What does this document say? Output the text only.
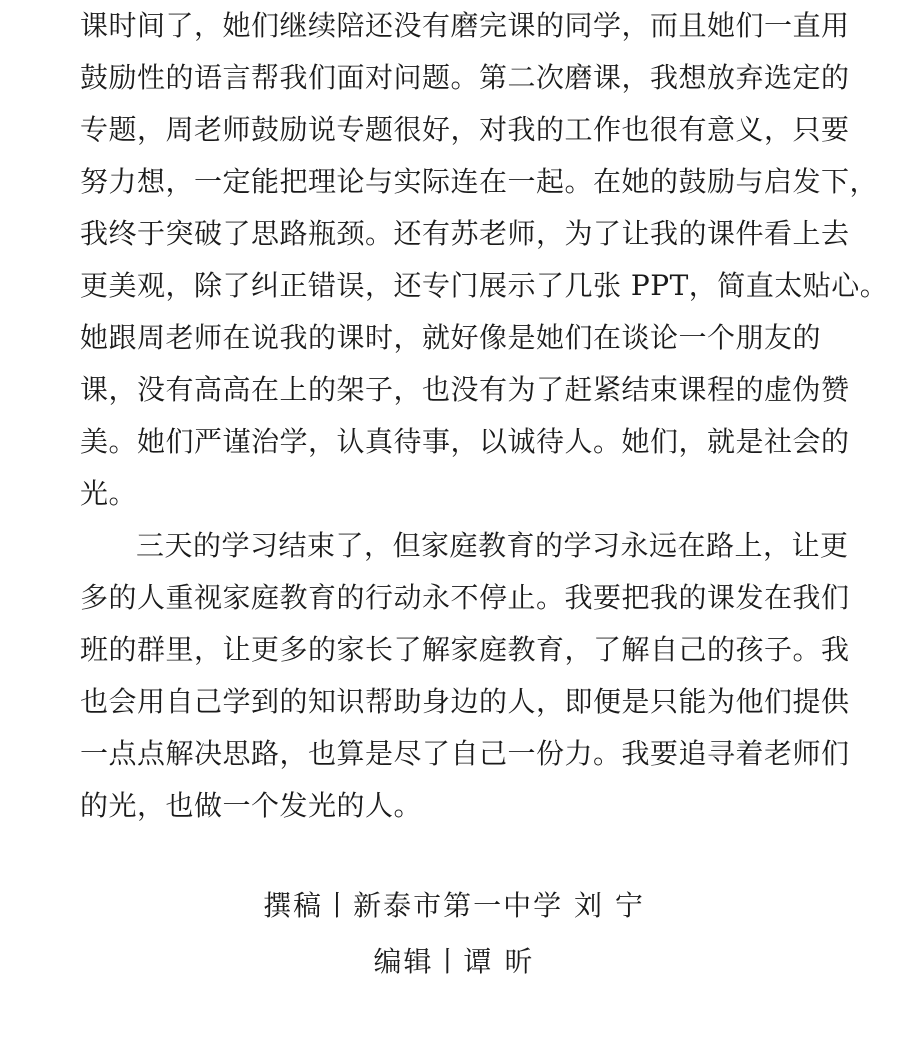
课时间了，她们继续陪还没有磨完课的同学，而且她们一直用
鼓励性的语言帮我们面对问题。第二次磨课，我想放弃选定的
专题，周老师鼓励说专题很好，对我的工作也很有意义，只要
努力想，一定能把理论与实际连在一起。在她的鼓励与启发下，
我终于突破了思路瓶颈。还有苏老师，为了让我的课件看上去
更美观，除了纠正错误，还专门展示了几张 PPT，简直太贴心。
她跟周老师在说我的课时，就好像是她们在谈论一个朋友的
课，没有高高在上的架子，也没有为了赶紧结束课程的虚伪赞
美。她们严谨治学，认真待事，以诚待人。她们，就是社会的
光。
三天的学习结束了，但家庭教育的学习永远在路上，让更
多的人重视家庭教育的行动永不停止。我要把我的课发在我们
班的群里，让更多的家长了解家庭教育，了解自己的孩子。我
也会用自己学到的知识帮助身边的人，即便是只能为他们提供
一点点解决思路，也算是尽了自己一份力。我要追寻着老师们
的光，也做一个发光的人。
撰稿丨新泰市第一中学 刘 宁
编辑丨谭 昕
